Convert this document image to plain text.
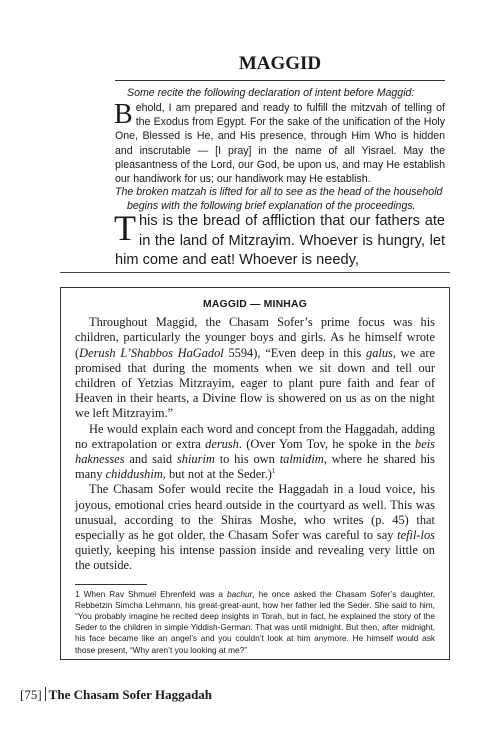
MAGGID
Some recite the following declaration of intent before Maggid:
Behold, I am prepared and ready to fulfill the mitzvah of telling of the Exodus from Egypt. For the sake of the unification of the Holy One, Blessed is He, and His presence, through Him Who is hidden and inscrutable — [I pray] in the name of all Yisrael. May the pleasantness of the Lord, our God, be upon us, and may He establish our handiwork for us; our handiwork may He establish.
The broken matzah is lifted for all to see as the head of the household
begins with the following brief explanation of the proceedings.
This is the bread of affliction that our fathers ate in the land of Mitzrayim. Whoever is hungry, let him come and eat! Whoever is needy,
MAGGID — MINHAG

Throughout Maggid, the Chasam Sofer’s prime focus was his children, particularly the younger boys and girls. As he himself wrote (Derush L’Shabbos HaGadol 5594), “Even deep in this galus, we are promised that during the moments when we sit down and tell our children of Yetzias Mitzrayim, eager to plant pure faith and fear of Heaven in their hearts, a Divine flow is showered on us as on the night we left Mitzrayim.”

He would explain each word and concept from the Haggadah, adding no extrapolation or extra derush. (Over Yom Tov, he spoke in the beis haknesses and said shiurim to his own talmidim, where he shared his many chiddushim, but not at the Seder.)$^1$

The Chasam Sofer would recite the Haggadah in a loud voice, his joyous, emotional cries heard outside in the courtyard as well. This was unusual, according to the Shiras Moshe, who writes (p. 45) that especially as he got older, the Chasam Sofer was careful to say tefil-los quietly, keeping his intense passion inside and revealing very little on the outside.

1 When Rav Shmuel Ehrenfeld was a bachur, he once asked the Chasam Sofer’s daughter, Rebbetzin Simcha Lehmann, his great-great-aunt, how her father led the Seder. She said to him, “You probably imagine he recited deep insights in Torah, but in fact, he explained the story of the Seder to the children in simple Yiddish-German. That was until midnight. But then, after midnight, his face became like an angel’s and you couldn’t look at him anymore. He himself would ask those present, “Why aren’t you looking at me?”
[75] The Chasam Sofer Haggadah
